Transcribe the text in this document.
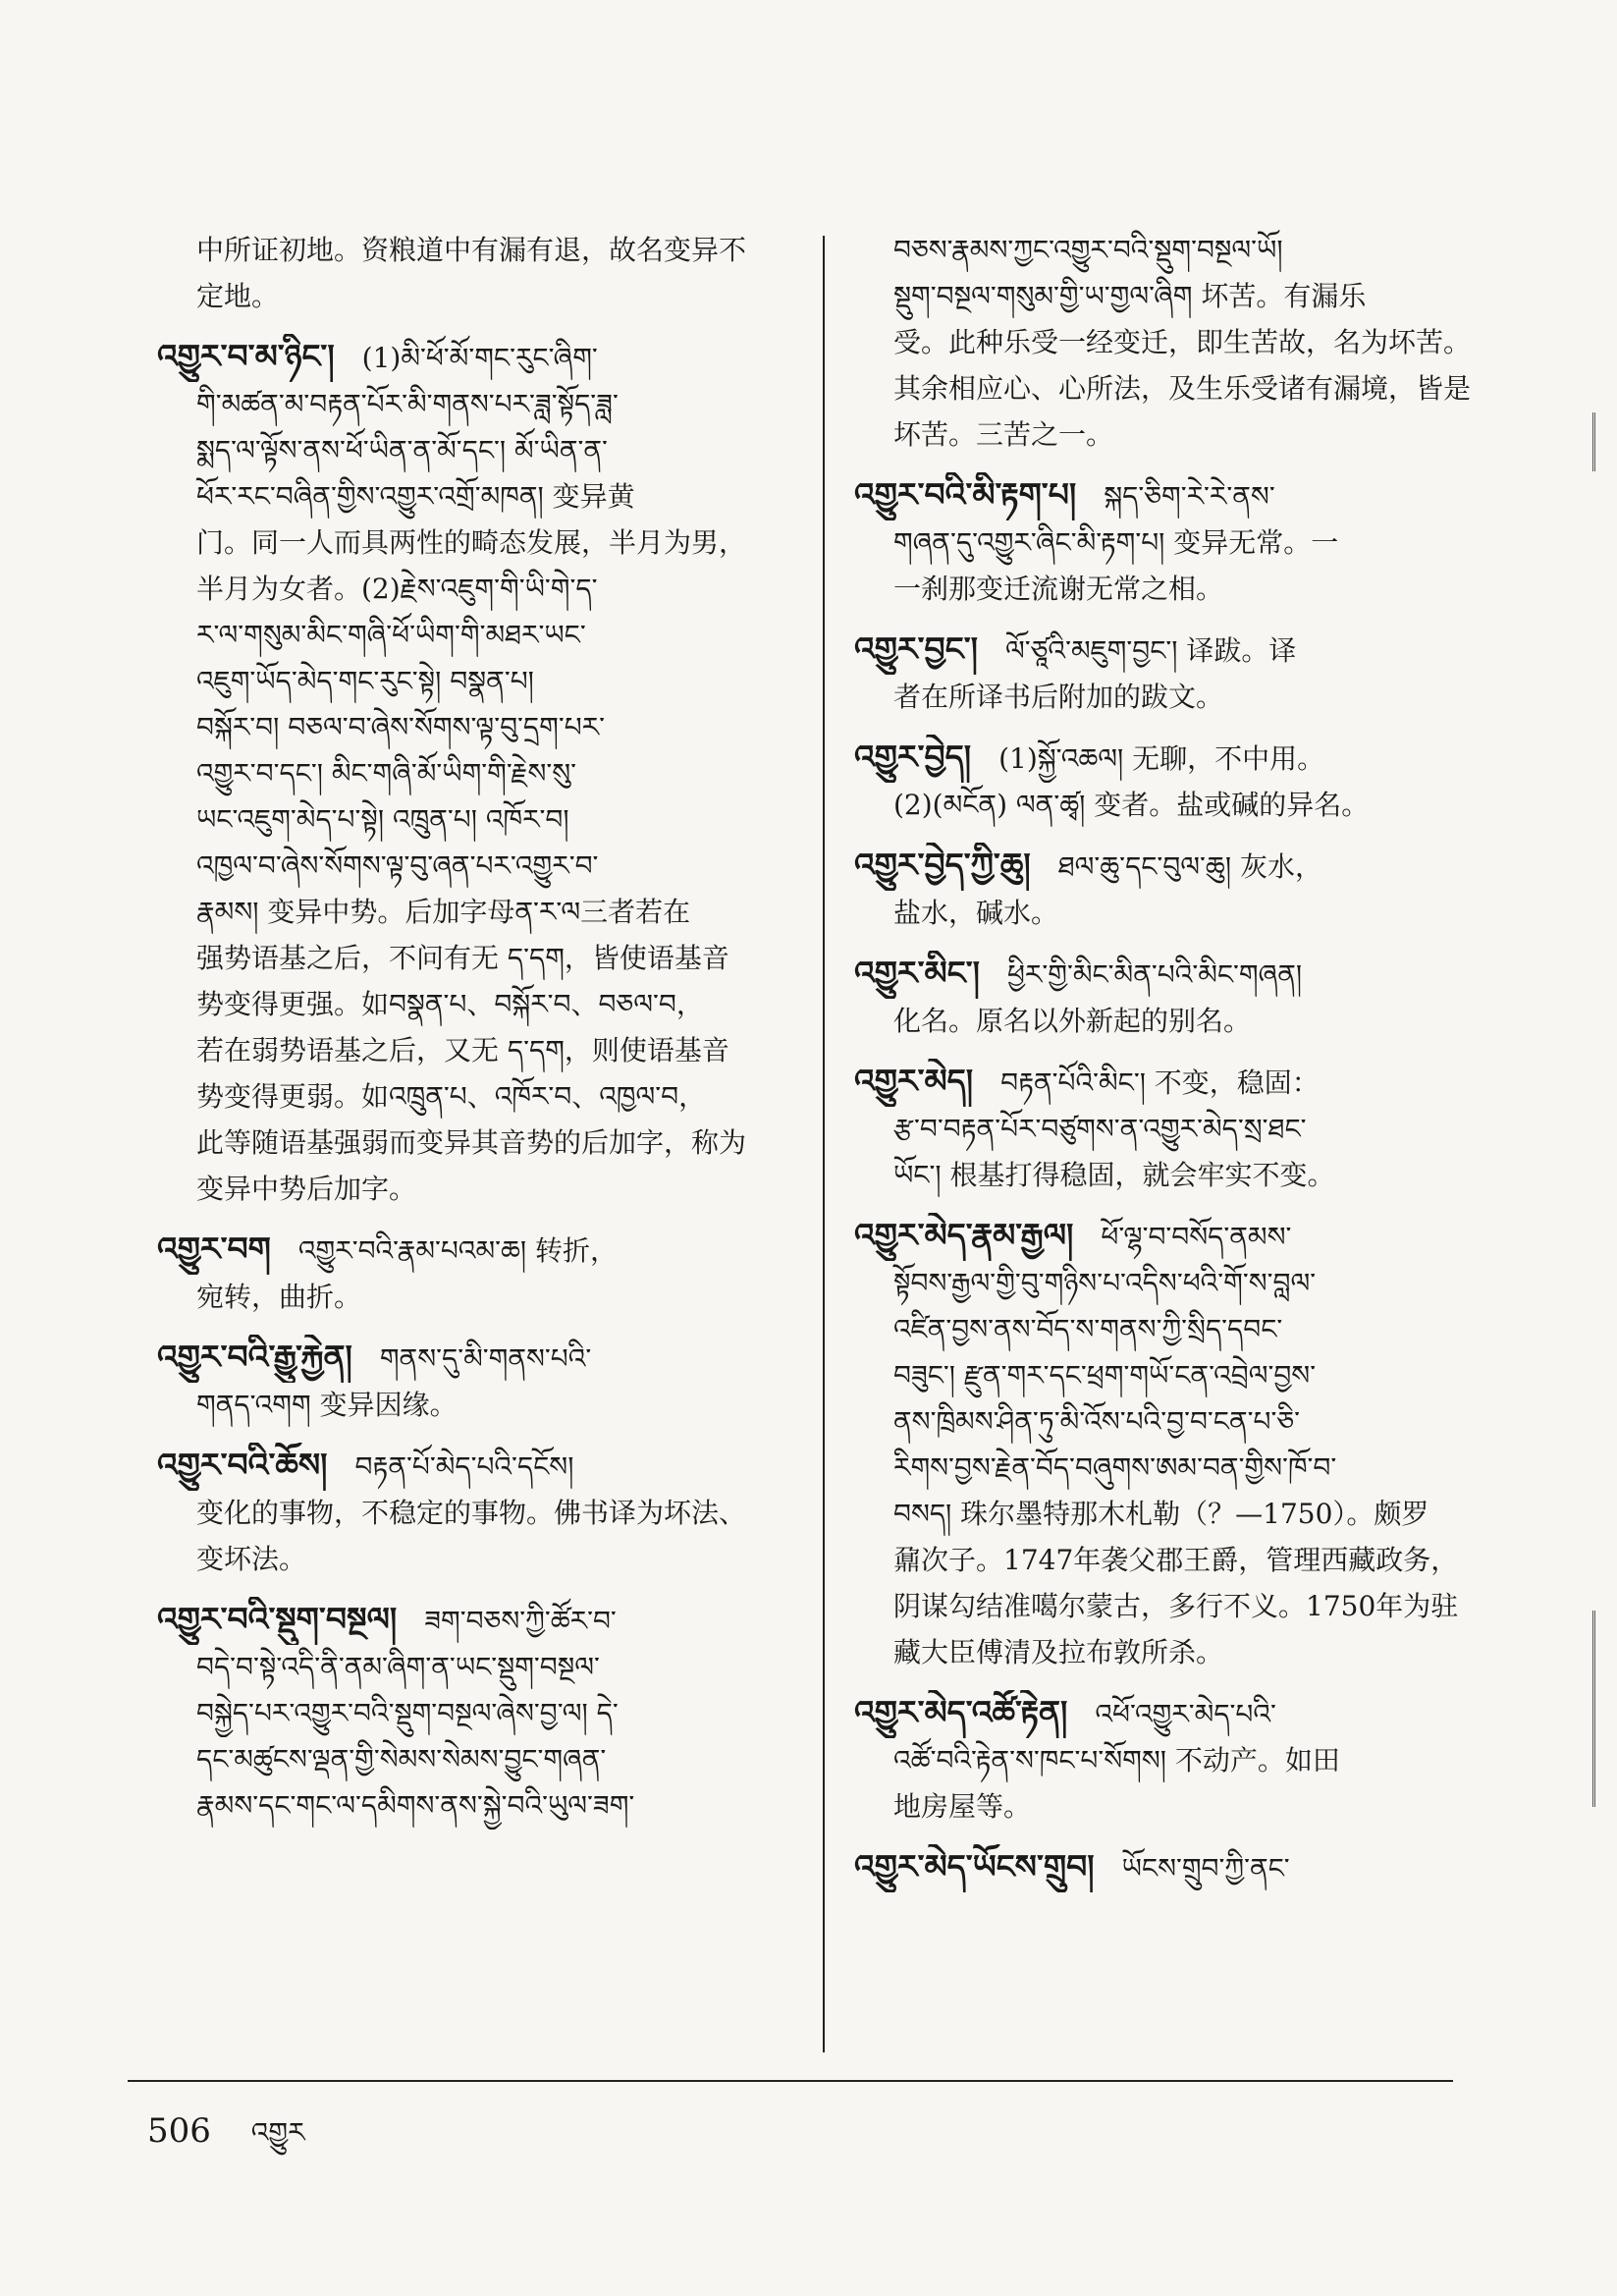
中所证初地。资粮道中有漏有退，故名变异不
定地。
འགྱུར་བ་མ་ཉིང་། (1)མི་ཕོ་མོ་གང་རུང་ཞིག་
གི་མཚན་མ་བརྟན་པོར་མི་གནས་པར་ཟླ་སྟོད་ཟླ་
སྨད་ལ་ལྟོས་ནས་ཕོ་ཡིན་ན་མོ་དང་། མོ་ཡིན་ན་
ཕོར་རང་བཞིན་གྱིས་འགྱུར་འགྲོ་མཁན། 变异黄
门。同一人而具两性的畸态发展，半月为男，
半月为女者。(2)རྗེས་འཇུག་གི་ཡི་གེ་ད་
ར་ལ་གསུམ་མིང་གཞི་ཕོ་ཡིག་གི་མཐར་ཡང་
འཇུག་ཡོད་མེད་གང་རུང་སྟེ། བསྣན་པ།
བསྐོར་བ། བཅལ་བ་ཞེས་སོགས་ལྟ་བུ་དྲག་པར་
འགྱུར་བ་དང་། མིང་གཞི་མོ་ཡིག་གི་རྗེས་སུ་
ཡང་འཇུག་མེད་པ་སྟེ། འཁྲུན་པ། འཁོར་བ།
འཁྱལ་བ་ཞེས་སོགས་ལྟ་བུ་ཞན་པར་འགྱུར་བ་
རྣམས། 变异中势。后加字母ན་ར་ལ三者若在
强势语基之后，不问有无 ད་དག，皆使语基音
势变得更强。如བསྣན་པ、བསྐོར་བ、བཅལ་བ，
若在弱势语基之后，又无 ད་དག，则使语基音
势变得更弱。如འཁྲུན་པ、འཁོར་བ、འཁྱལ་བ，
此等随语基强弱而变异其音势的后加字，称为
变异中势后加字。
འགྱུར་བག འགྱུར་བའི་རྣམ་པའམ་ཆ། 转折，
宛转，曲折。
འགྱུར་བའི་རྒྱུ་རྐྱེན། གནས་དུ་མི་གནས་པའི་
གནད་འགག 变异因缘。
འགྱུར་བའི་ཆོས། བརྟན་པོ་མེད་པའི་དངོས།
变化的事物，不稳定的事物。佛书译为坏法、
变坏法。
འགྱུར་བའི་སྡུག་བསྔལ། ཟག་བཅས་ཀྱི་ཚོར་བ་
བདེ་བ་སྟེ་འདི་ནི་ནམ་ཞིག་ན་ཡང་སྡུག་བསྔལ་
བསྐྱེད་པར་འགྱུར་བའི་སྡུག་བསྔལ་ཞེས་བྱ་ལ། དེ་
དང་མཚུངས་ལྡན་གྱི་སེམས་སེམས་བྱུང་གཞན་
རྣམས་དང་གང་ལ་དམིགས་ནས་སྐྱེ་བའི་ཡུལ་ཟག་
བཅས་རྣམས་ཀྱང་འགྱུར་བའི་སྡུག་བསྔལ་ཡོ།
སྡུག་བསྔལ་གསུམ་གྱི་ཡ་གྱལ་ཞིག 坏苦。有漏乐
受。此种乐受一经变迁，即生苦故，名为坏苦。
其余相应心、心所法，及生乐受诸有漏境，皆是
坏苦。三苦之一。
འགྱུར་བའི་མི་རྟག་པ། སྐད་ཅིག་རེ་རེ་ནས་
གཞན་དུ་འགྱུར་ཞིང་མི་རྟག་པ། 变异无常。一
一刹那变迁流谢无常之相。
འགྱུར་བྱང་། ལོ་ཙཱའི་མཇུག་བྱང་། 译跋。译
者在所译书后附加的跋文。
འགྱུར་བྱེད། (1)སྐྱོ་འཆལ། 无聊，不中用。
(2)(མངོན) ལན་ཚྭ། 变者。盐或碱的异名。
འགྱུར་བྱེད་ཀྱི་ཆུ། ཐལ་ཆུ་དང་བུལ་ཆུ། 灰水，
盐水，碱水。
འགྱུར་མིང་། ཕྱིར་གྱི་མིང་མིན་པའི་མིང་གཞན།
化名。原名以外新起的别名。
འགྱུར་མེད། བརྟན་པོའི་མིང་། 不变，稳固：
རྩ་བ་བརྟན་པོར་བཙུགས་ན་འགྱུར་མེད་སྲ་ཐང་
ཡོང་། 根基打得稳固，就会牢实不变。
འགྱུར་མེད་རྣམ་རྒྱལ། ཕོ་ལྷ་བ་བསོད་ནམས་
སྟོབས་རྒྱལ་གྱི་བུ་གཉིས་པ་འདིས་ཕའི་གོ་ས་བླལ་
འཛིན་བྱས་ནས་བོད་ས་གནས་ཀྱི་སྲིད་དབང་
བཟུང་། རྫུན་གར་དང་ཕྲག་གཡོ་ངན་འབྲེལ་བྱས་
ནས་ཁྲིམས་ཤིན་ཏུ་མི་འོས་པའི་བྱ་བ་ངན་པ་ཅི་
རིགས་བྱས་རྗེན་བོད་བཞུགས་ཨམ་བན་གྱིས་ཁོ་བ་
བསད། 珠尔墨特那木札勒（？—1750）。颇罗
鼐次子。1747年袭父郡王爵，管理西藏政务，
阴谋勾结准噶尔蒙古，多行不义。1750年为驻
藏大臣傅清及拉布敦所杀。
འགྱུར་མེད་འཚོ་རྟེན། འཕོ་འགྱུར་མེད་པའི་
འཚོ་བའི་རྟེན་ས་ཁང་པ་སོགས། 不动产。如田
地房屋等。
འགྱུར་མེད་ཡོངས་གྲུབ། ཡོངས་གྲུབ་ཀྱི་ནང་
506 འགྱུར
